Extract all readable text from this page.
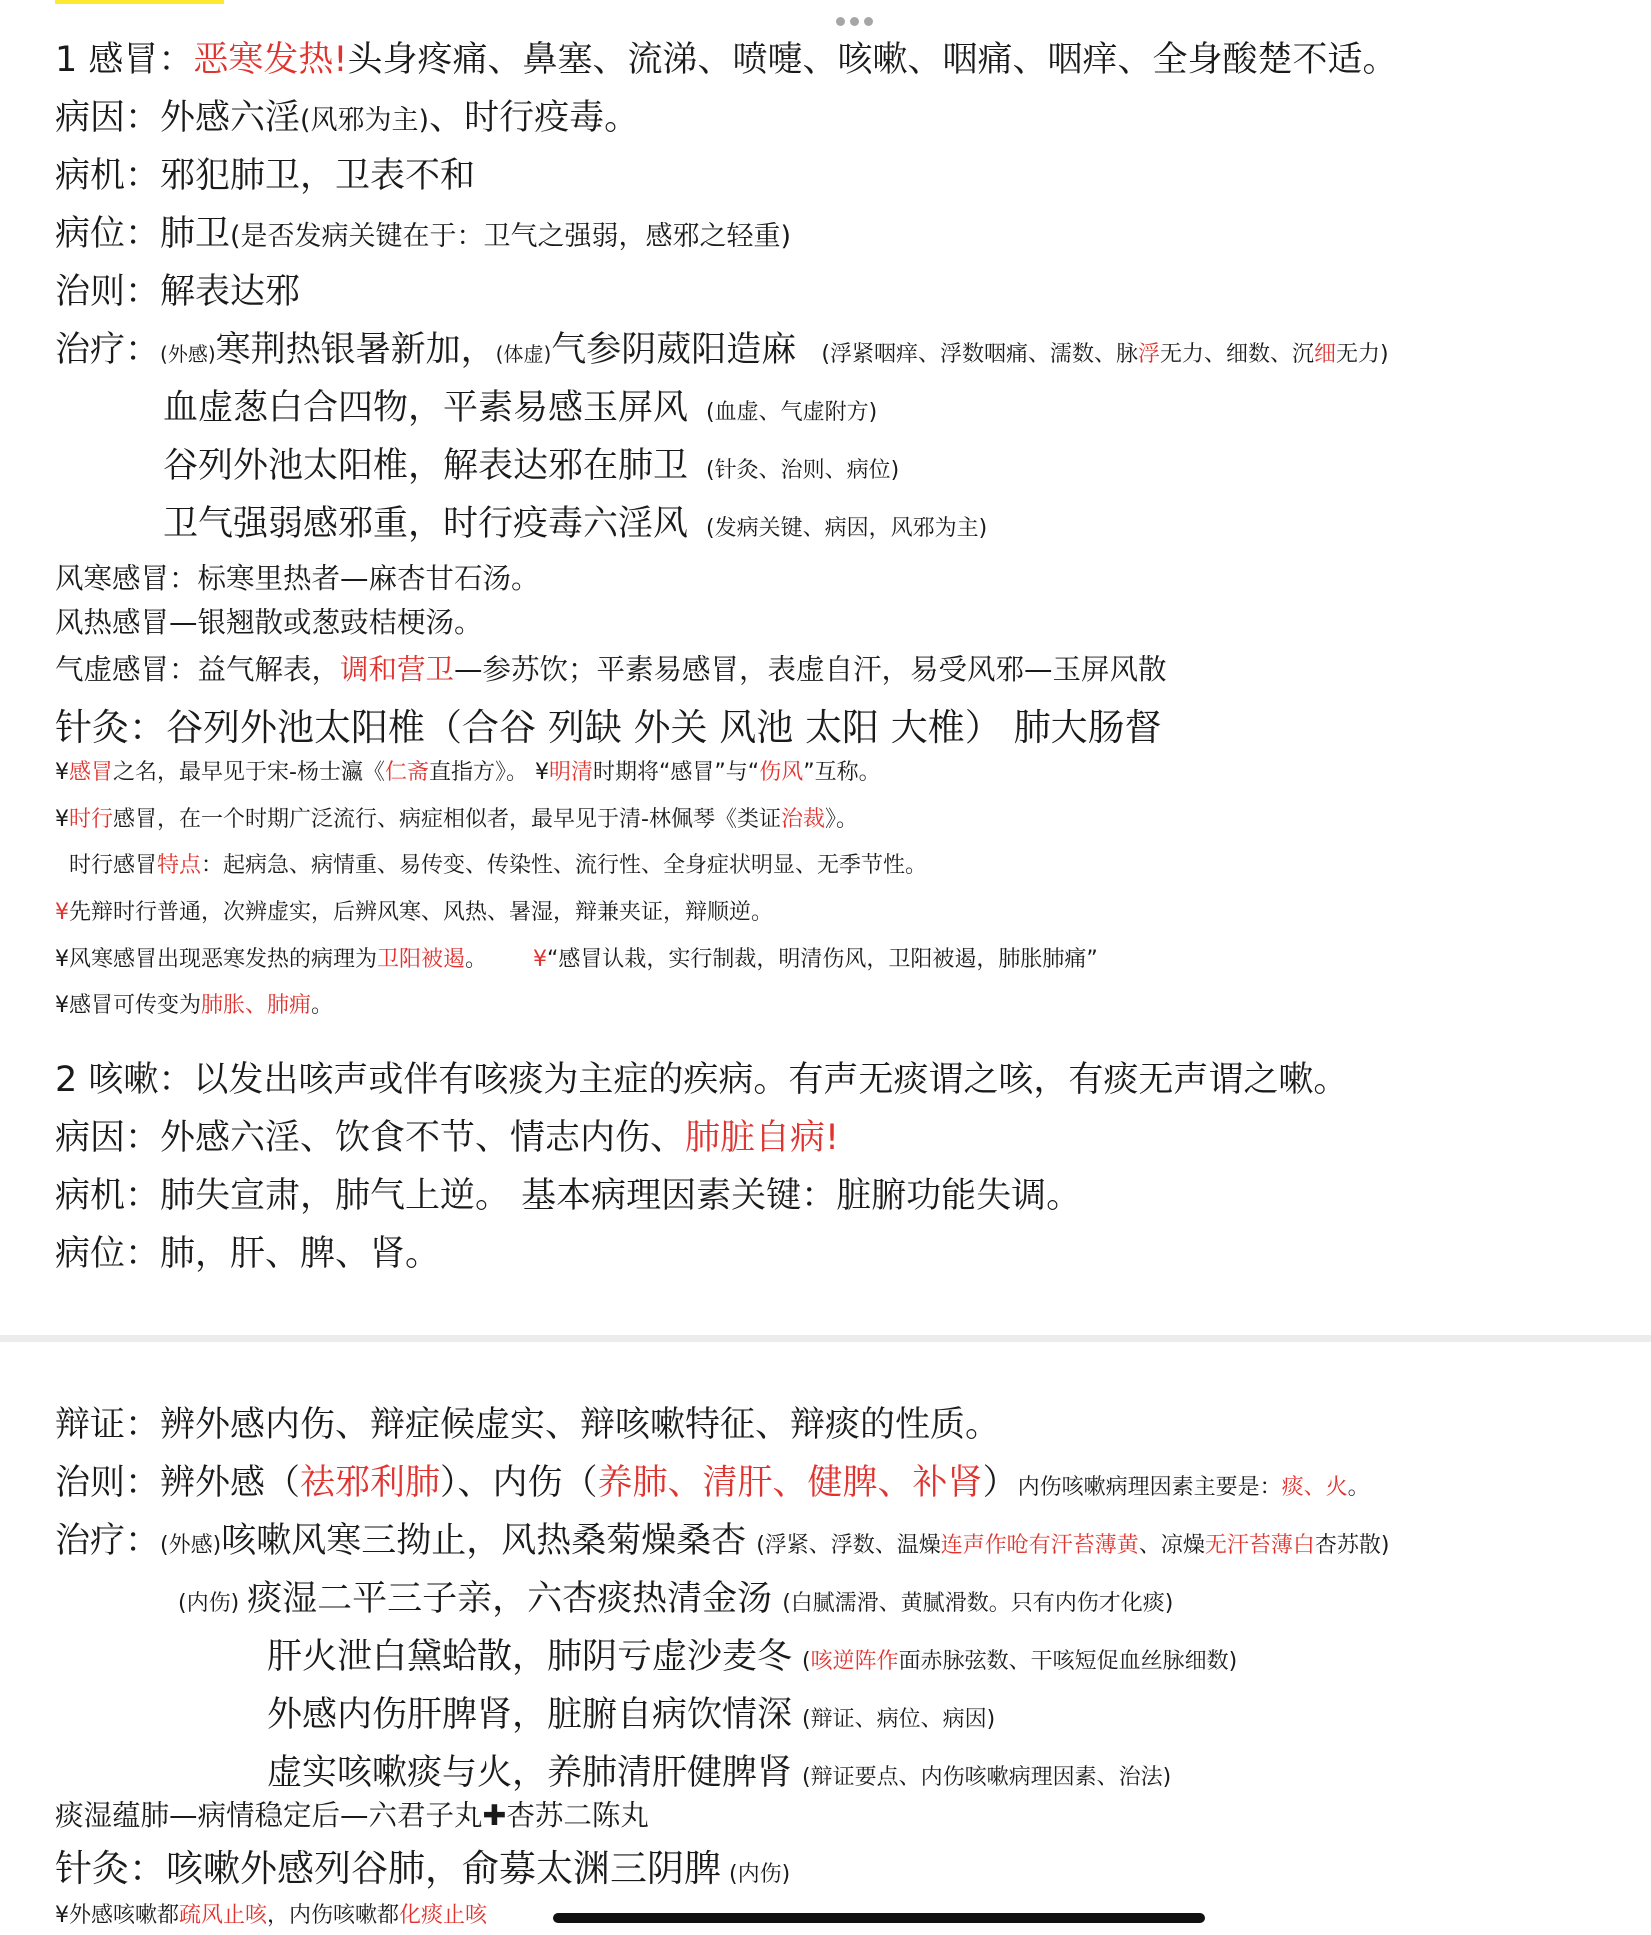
1 感冒：恶寒发热!头身疼痛、鼻塞、流涕、喷嚏、咳嗽、咽痛、咽痒、全身酸楚不适。
病因：外感六淫(风邪为主)、时行疫毒。
病机：邪犯肺卫，卫表不和
病位：肺卫(是否发病关键在于：卫气之强弱，感邪之轻重)
治则：解表达邪
治疗：(外感)寒荆热银暑新加，(体虚)气参阴葳阳造麻 (浮紧咽痒、浮数咽痛、濡数、脉浮无力、细数、沉细无力)
血虚葱白合四物，平素易感玉屏风 (血虚、气虚附方)
谷列外池太阳椎，解表达邪在肺卫 (针灸、治则、病位)
卫气强弱感邪重，时行疫毒六淫风 (发病关键、病因，风邪为主)
风寒感冒：标寒里热者—麻杏甘石汤。
风热感冒—银翘散或葱豉桔梗汤。
气虚感冒：益气解表，调和营卫—参苏饮；平素易感冒，表虚自汗，易受风邪—玉屏风散
针灸：谷列外池太阳椎（合谷 列缺 外关 风池 太阳 大椎） 肺大肠督
¥感冒之名，最早见于宋-杨士瀛《仁斋直指方》。 ¥明清时期将“感冒”与“伤风”互称。
¥时行感冒，在一个时期广泛流行、病症相似者，最早见于清-林佩琴《类证治裁》。
时行感冒特点：起病急、病情重、易传变、传染性、流行性、全身症状明显、无季节性。
¥先辩时行普通，次辨虚实，后辨风寒、风热、暑湿，辩兼夹证，辩顺逆。
¥风寒感冒出现恶寒发热的病理为卫阳被遏。 ¥“感冒认栽，实行制裁，明清伤风，卫阳被遏，肺胀肺痛”
¥感冒可传变为肺胀、肺痈。
2 咳嗽：以发出咳声或伴有咳痰为主症的疾病。有声无痰谓之咳，有痰无声谓之嗽。
病因：外感六淫、饮食不节、情志内伤、肺脏自病!
病机：肺失宣肃，肺气上逆。 基本病理因素关键：脏腑功能失调。
病位：肺，肝、脾、肾。
辩证：辨外感内伤、辩症候虚实、辩咳嗽特征、辩痰的性质。
治则：辨外感（祛邪利肺）、内伤（养肺、清肝、健脾、补肾）内伤咳嗽病理因素主要是：痰、火。
治疗：(外感)咳嗽风寒三拗止，风热桑菊燥桑杏 (浮紧、浮数、温燥连声作呛有汗苔薄黄、凉燥无汗苔薄白杏苏散)
(内伤) 痰湿二平三子亲，六杏痰热清金汤 (白腻濡滑、黄腻滑数。只有内伤才化痰)
肝火泄白黛蛤散，肺阴亏虚沙麦冬 (咳逆阵作面赤脉弦数、干咳短促血丝脉细数)
外感内伤肝脾肾，脏腑自病饮情深 (辩证、病位、病因)
虚实咳嗽痰与火，养肺清肝健脾肾 (辩证要点、内伤咳嗽病理因素、治法)
痰湿蕴肺—病情稳定后—六君子丸✚杏苏二陈丸
针灸：咳嗽外感列谷肺，俞募太渊三阴脾 (内伤)
¥外感咳嗽都疏风止咳，内伤咳嗽都化痰止咳
